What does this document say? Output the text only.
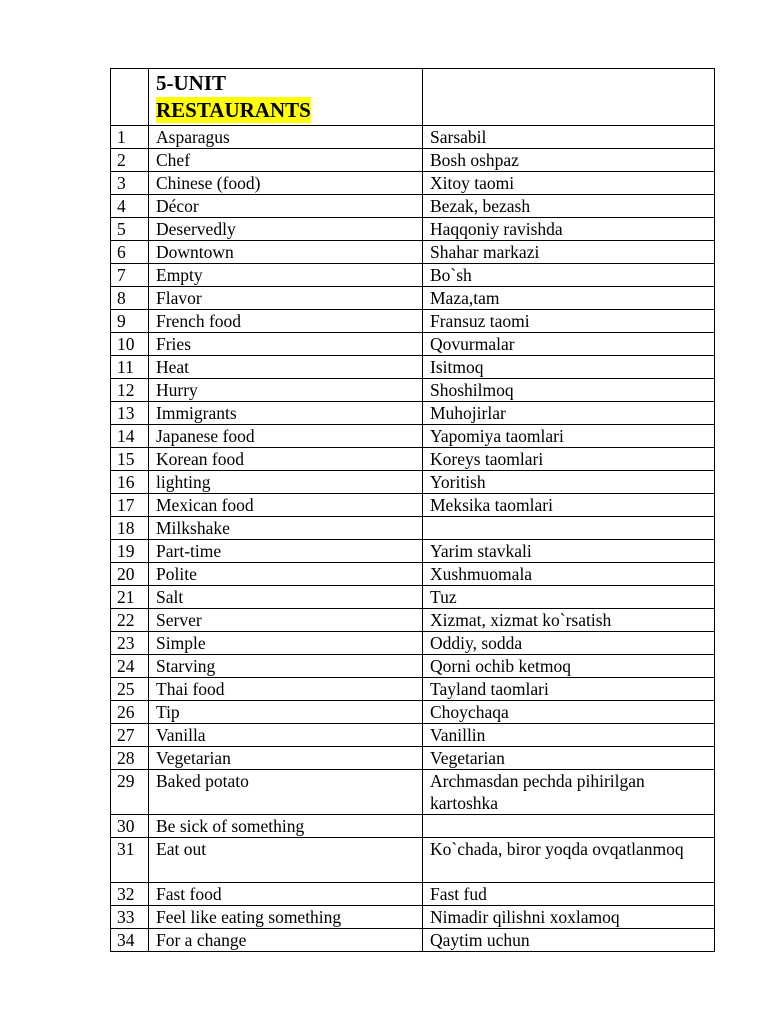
	5-UNIT
RESTAURANTS	
1	Asparagus	Sarsabil
2	Chef	Bosh oshpaz
3	Chinese (food)	Xitoy taomi
4	Décor	Bezak, bezash
5	Deservedly	Haqqoniy ravishda
6	Downtown	Shahar markazi
7	Empty	Bo`sh
8	Flavor	Maza,tam
9	French food	Fransuz taomi
10	Fries	Qovurmalar
11	Heat	Isitmoq
12	Hurry	Shoshilmoq
13	Immigrants	Muhojirlar
14	Japanese food	Yapomiya taomlari
15	Korean food	Koreys taomlari
16	lighting	Yoritish
17	Mexican food	Meksika taomlari
18	Milkshake	
19	Part-time	Yarim stavkali
20	Polite	Xushmuomala
21	Salt	Tuz
22	Server	Xizmat, xizmat ko`rsatish
23	Simple	Oddiy, sodda
24	Starving	Qorni ochib ketmoq
25	Thai food	Tayland taomlari
26	Tip	Choychaqa
27	Vanilla	Vanillin
28	Vegetarian	Vegetarian
29	Baked potato	Archmasdan pechda pihirilgan kartoshka
30	Be sick of something	
31	Eat out	Ko`chada, biror yoqda ovqatlanmoq
32	Fast food	Fast fud
33	Feel like eating something	Nimadir qilishni xoxlamoq
34	For a change	Qaytim uchun
